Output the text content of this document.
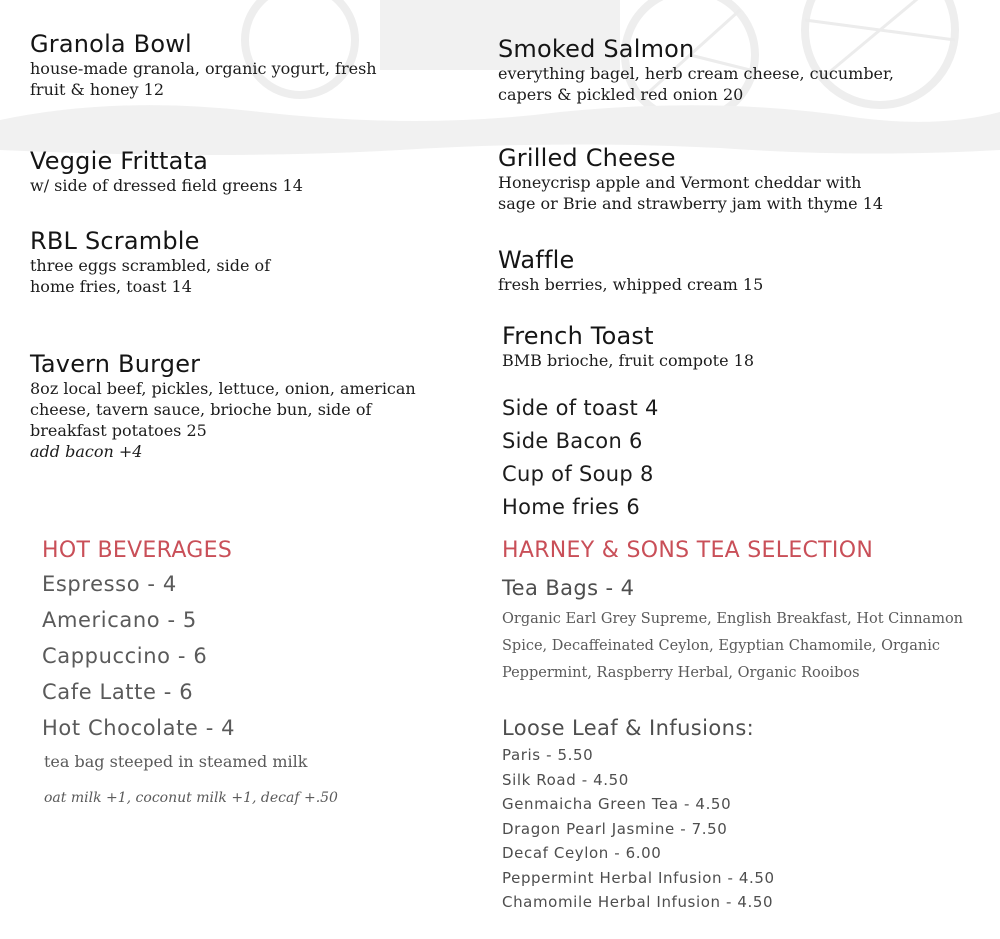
Granola Bowl
house-made granola, organic yogurt, fresh
fruit & honey 12
Veggie Frittata
w/ side of dressed field greens 14
RBL Scramble
three eggs scrambled, side of
home fries, toast 14
Tavern Burger
8oz local beef, pickles, lettuce, onion, american
cheese, tavern sauce, brioche bun, side of
breakfast potatoes 25
add bacon +4
Smoked Salmon
everything bagel, herb cream cheese, cucumber,
capers & pickled red onion 20
Grilled Cheese
Honeycrisp apple and Vermont cheddar with
sage or Brie and strawberry jam with thyme 14
Waffle
fresh berries, whipped cream 15
French Toast
BMB brioche, fruit compote 18
Side of toast 4
Side Bacon 6
Cup of Soup 8
Home fries 6
HOT BEVERAGES
Espresso - 4
Americano - 5
Cappuccino - 6
Cafe Latte - 6
Hot Chocolate - 4
tea bag steeped in steamed milk
oat milk +1, coconut milk +1, decaf +.50
HARNEY & SONS TEA SELECTION
Tea Bags - 4
Organic Earl Grey Supreme, English Breakfast, Hot Cinnamon
Spice, Decaffeinated Ceylon, Egyptian Chamomile, Organic
Peppermint, Raspberry Herbal, Organic Rooibos
Loose Leaf & Infusions:
Paris - 5.50
Silk Road - 4.50
Genmaicha Green Tea - 4.50
Dragon Pearl Jasmine - 7.50
Decaf Ceylon - 6.00
Peppermint Herbal Infusion - 4.50
Chamomile Herbal Infusion - 4.50
